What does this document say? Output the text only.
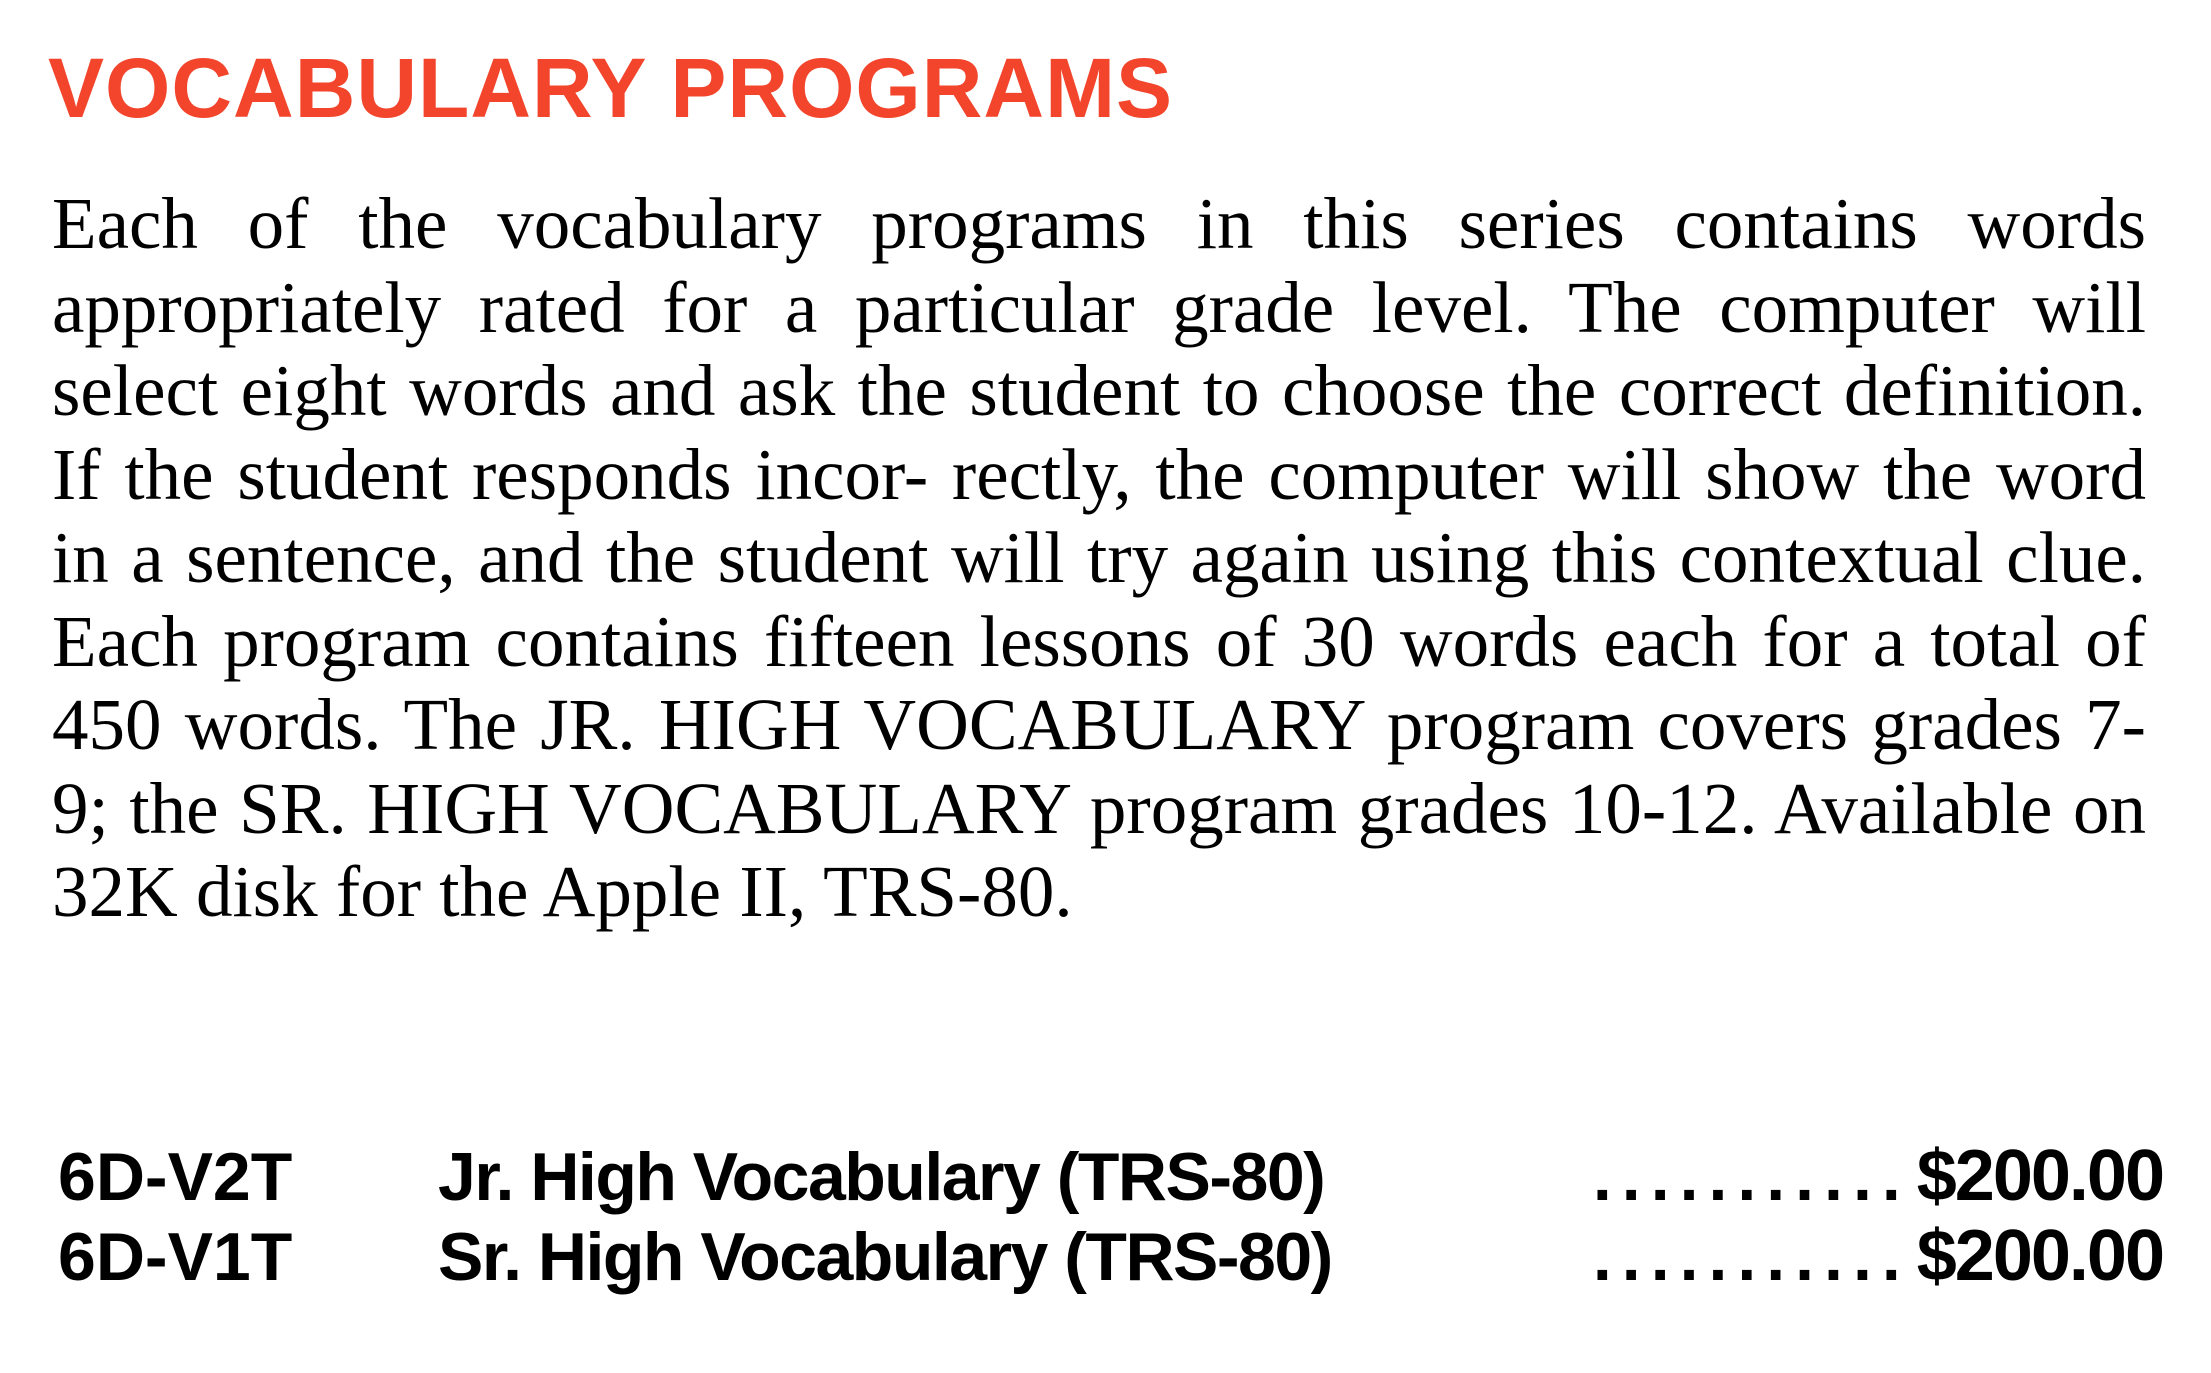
VOCABULARY PROGRAMS

Each of the vocabulary programs in this series contains words appropriately rated for a particular grade level. The computer will select eight words and ask the student to choose the correct definition. If the student responds incor- rectly, the computer will show the word in a sentence, and the student will try again using this contextual clue. Each program contains fifteen lessons of 30 words each for a total of 450 words. The JR. HIGH VOCABULARY program covers grades 7-9; the SR. HIGH VOCABULARY program grades 10-12. Available on 32K disk for the Apple II, TRS-80.

6D-V2T	Jr. High Vocabulary (TRS-80)	........... $200.00
6D-V1T	Sr. High Vocabulary (TRS-80)	........... $200.00
